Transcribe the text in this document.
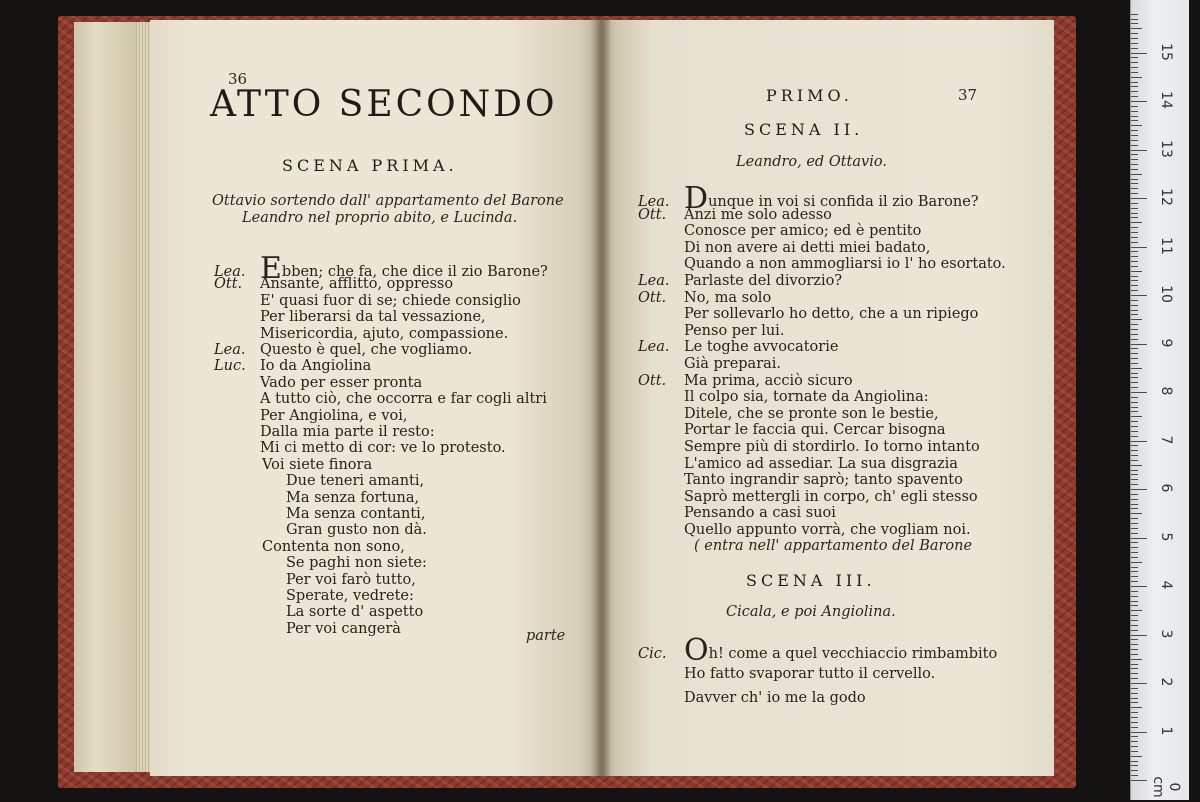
36
ATTO SECONDO
SCENA PRIMA.
Ottavio sortendo dall' appartamento del Barone
Leandro nel proprio abito, e Lucinda.
parte
Lea. Ebben; che fa, che dice il zio Barone?
Ott. Ansante, afflitto, oppresso
E' quasi fuor di se; chiede consiglio
Per liberarsi da tal vessazione,
Misericordia, ajuto, compassione.
Lea. Questo è quel, che vogliamo.
Luc. Io da Angiolina
Vado per esser pronta
A tutto ciò, che occorra e far cogli altri
Per Angiolina, e voi,
Dalla mia parte il resto:
Mi ci metto di cor: ve lo protesto.
Voi siete finora
Due teneri amanti,
Ma senza fortuna,
Ma senza contanti,
Gran gusto non dà.
Contenta non sono,
Se paghi non siete:
Per voi farò tutto,
Sperate, vedrete:
La sorte d' aspetto
Per voi cangerà
PRIMO.	37
SCENA II.
Leandro, ed Ottavio.
( entra nell' appartamento del Barone
SCENA III.
Cicala, e poi Angiolina.
Lea. Dunque in voi si confida il zio Barone?
Ott. Anzi me solo adesso
Conosce per amico; ed è pentito
Di non avere ai detti miei badato,
Quando a non ammogliarsi io l' ho esortato.
Lea. Parlaste del divorzio?
Ott. No, ma solo
Per sollevarlo ho detto, che a un ripiego
Penso per lui.
Lea. Le toghe avvocatorie
Già preparai.
Ott. Ma prima, acciò sicuro
Il colpo sia, tornate da Angiolina:
Ditele, che se pronte son le bestie,
Portar le faccia qui. Cercar bisogna
Sempre più di stordirlo. Io torno intanto
L'amico ad assediar. La sua disgrazia
Tanto ingrandir saprò; tanto spavento
Saprò mettergli in corpo, ch' egli stesso
Pensando a casi suoi
Quello appunto vorrà, che vogliam noi.
Cic. Oh! come a quel vecchiaccio rimbambito
Ho fatto svaporar tutto il cervello.
Davver ch' io me la godo
0 cm
1
2
3
4
5
6
7
8
9
10
11
12
13
14
15
